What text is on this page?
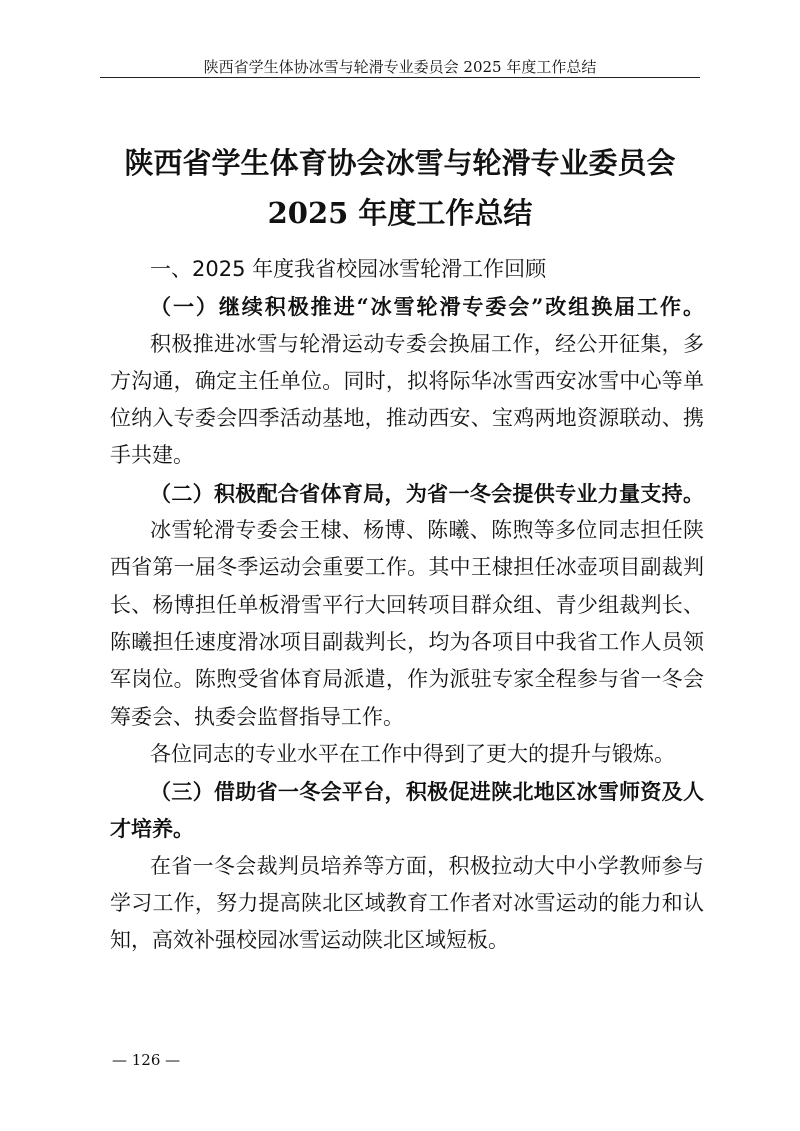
陕西省学生体协冰雪与轮滑专业委员会 2025 年度工作总结
陕西省学生体育协会冰雪与轮滑专业委员会
2025 年度工作总结
一、2025 年度我省校园冰雪轮滑工作回顾
（一）继续积极推进“冰雪轮滑专委会”改组换届工作。
积极推进冰雪与轮滑运动专委会换届工作，经公开征集，多
方沟通，确定主任单位。同时，拟将际华冰雪西安冰雪中心等单
位纳入专委会四季活动基地，推动西安、宝鸡两地资源联动、携
手共建。
（二）积极配合省体育局，为省一冬会提供专业力量支持。
冰雪轮滑专委会王棣、杨博、陈曦、陈煦等多位同志担任陕
西省第一届冬季运动会重要工作。其中王棣担任冰壶项目副裁判
长、杨博担任单板滑雪平行大回转项目群众组、青少组裁判长、
陈曦担任速度滑冰项目副裁判长，均为各项目中我省工作人员领
军岗位。陈煦受省体育局派遣，作为派驻专家全程参与省一冬会
筹委会、执委会监督指导工作。
各位同志的专业水平在工作中得到了更大的提升与锻炼。
（三）借助省一冬会平台，积极促进陕北地区冰雪师资及人
才培养。
在省一冬会裁判员培养等方面，积极拉动大中小学教师参与
学习工作，努力提高陕北区域教育工作者对冰雪运动的能力和认
知，高效补强校园冰雪运动陕北区域短板。
— 126 —
